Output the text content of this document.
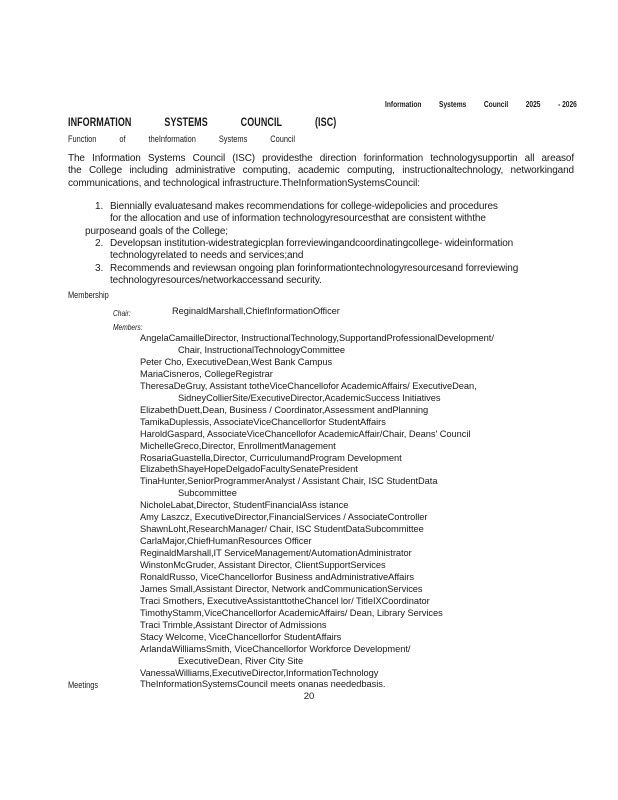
Information Systems Council 2025 - 2026
INFORMATION	SYSTEMS	COUNCIL	(ISC)
Function of theInformation Systems Council
The Information Systems Council (ISC) providesthe direction forinformation technologysupportin all areasof
the College including administrative computing, academic computing, instructionaltechnology, networkingand
communications, and technological infrastructure.TheInformationSystemsCouncil:
1. Biennially evaluatesand makes recommendations for college-widepolicies and procedures
for the allocation and use of information technologyresourcesthat are consistent withthe
purposeand goals of the College;
2. Developsan institution-widestrategicplan forreviewingandcoordinatingcollege- wideinformation
technologyrelated to needs and services;and
3. Recommends and reviewsan ongoing plan forinformationtechnologyresourcesand forreviewing
technologyresources/networkaccessand security.
Membership
Chair:	ReginaldMarshall,ChiefInformationOfficer
Members:
AngelaCamailleDirector, InstructionalTechnology,SupportandProfessionalDevelopment/
Chair, InstructionalTechnologyCommittee
Peter Cho, ExecutiveDean,West Bank Campus
MariaCisneros, CollegeRegistrar
TheresaDeGruy, Assistant totheViceChancellofor AcademicAffairs/ ExecutiveDean,
SidneyCollierSite/ExecutiveDirector,AcademicSuccess Initiatives
ElizabethDuett,Dean, Business / Coordinator,Assessment andPlanning
TamikaDuplessis, AssociateViceChancellorfor StudentAffairs
HaroldGaspard, AssociateViceChancellofor AcademicAffair/Chair, Deans' Council
MichelleGreco,Director, EnrollmentManagement
RosariaGuastella,Director, CurriculumandProgram Development
ElizabethShayeHopeDelgadoFacultySenatePresident
TinaHunter,SeniorProgrammerAnalyst / Assistant Chair, ISC StudentData
Subcommittee
NicholeLabat,Director, StudentFinancialAss istance
Amy Laszcz, ExecutiveDirector,FinancialServices / AssociateController
ShawnLoht,ResearchManager/ Chair, ISC StudentDataSubcommittee
CarlaMajor,ChiefHumanResources Officer
ReginaldMarshall,IT ServiceManagement/AutomationAdministrator
WinstonMcGruder, Assistant Director, ClientSupportServices
RonaldRusso, ViceChancellorfor Business andAdministrativeAffairs
James Small,Assistant Director, Network andCommunicationServices
Traci Smothers, ExecutiveAssistanttotheChancel lor/ TitleIXCoordinator
TimothyStamm,ViceChancellorfor AcademicAffairs/ Dean, Library Services
Traci Trimble,Assistant Director of Admissions
Stacy Welcome, ViceChancellorfor StudentAffairs
ArlandaWilliamsSmith, ViceChancellorfor Workforce Development/
ExecutiveDean, River City Site
VanessaWilliams,ExecutiveDirector,InformationTechnology
Meetings	TheInformationSystemsCouncil meets onanas neededbasis.
20
